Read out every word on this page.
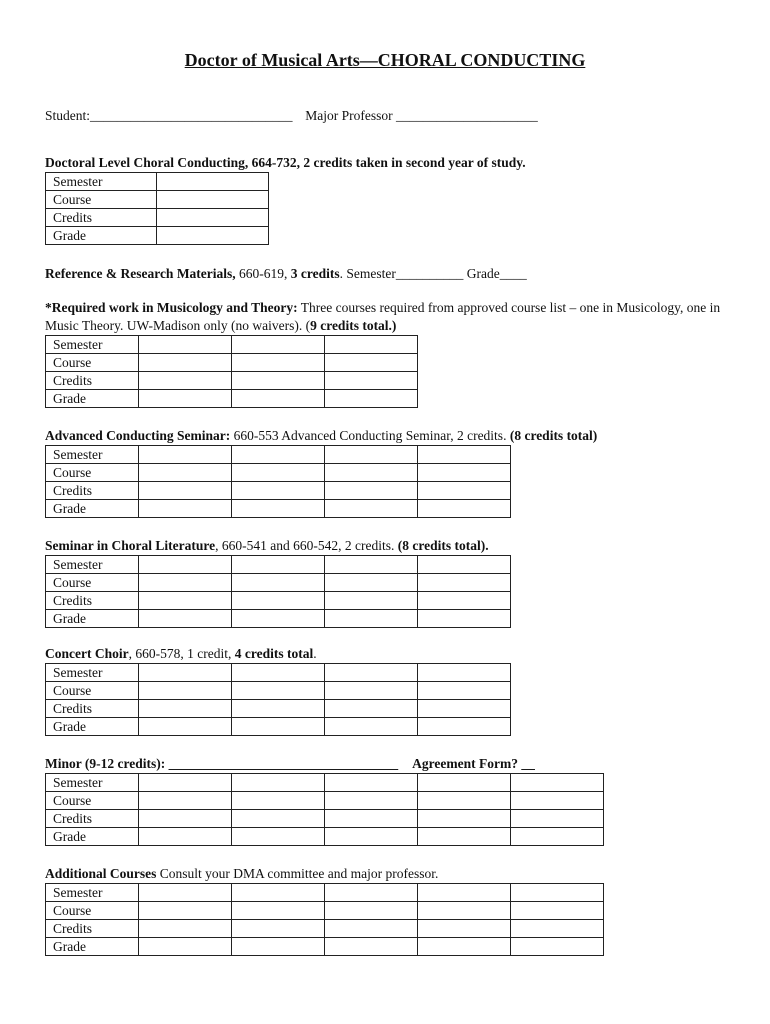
Doctor of Musical Arts—CHORAL CONDUCTING
Student:______________________________ Major Professor _____________________
Doctoral Level Choral Conducting, 664-732, 2 credits taken in second year of study.
Semester	
Course	
Credits	
Grade	
Reference & Research Materials, 660-619, 3 credits. Semester__________ Grade____
*Required work in Musicology and Theory: Three courses required from approved course list – one in Musicology, one in Music Theory. UW-Madison only (no waivers). (9 credits total.)
Semester			
Course			
Credits			
Grade			
Advanced Conducting Seminar: 660-553 Advanced Conducting Seminar, 2 credits. (8 credits total)
Semester				
Course				
Credits				
Grade				
Seminar in Choral Literature, 660-541 and 660-542, 2 credits. (8 credits total).
Semester				
Course				
Credits				
Grade				
Concert Choir, 660-578, 1 credit, 4 credits total.
Semester				
Course				
Credits				
Grade				
Minor (9-12 credits): __________________________________ Agreement Form? __
Semester					
Course					
Credits					
Grade					
Additional Courses Consult your DMA committee and major professor.
Semester					
Course					
Credits					
Grade					
